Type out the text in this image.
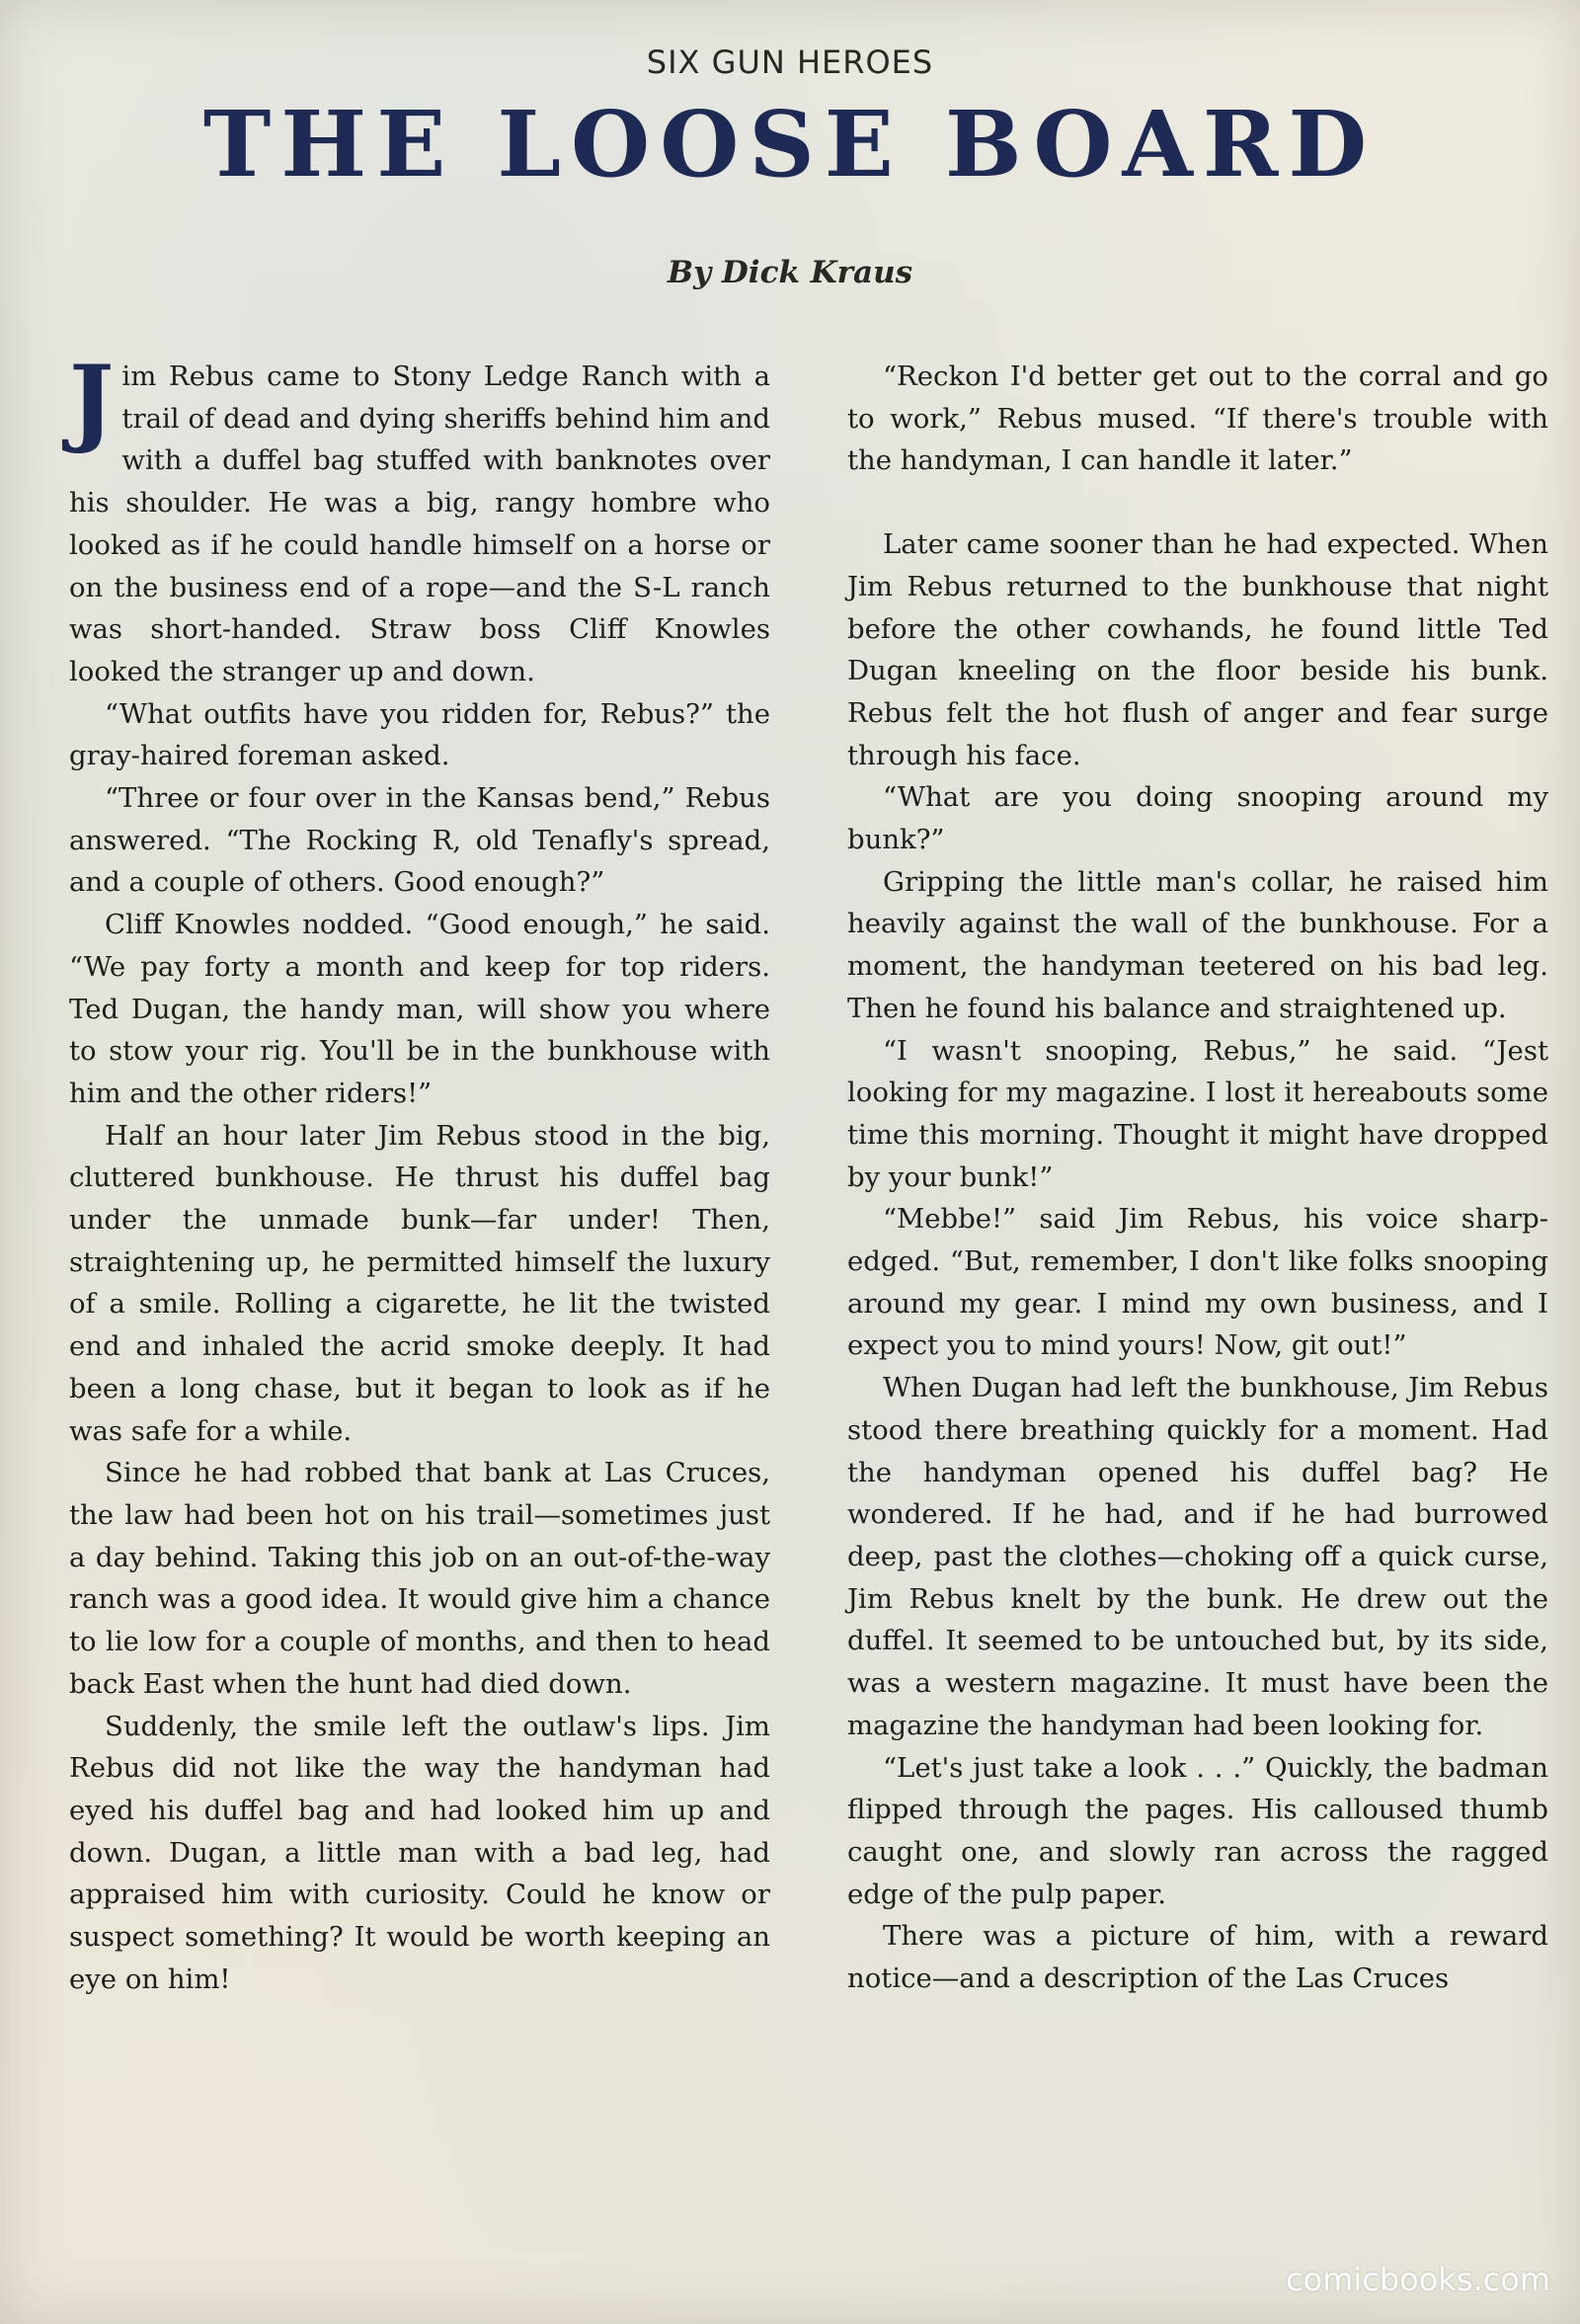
SIX GUN HEROES
THE LOOSE BOARD
By Dick Kraus

Jim Rebus came to Stony Ledge Ranch with a trail of dead and dying sheriffs behind him and with a duffel bag stuffed with banknotes over his shoulder. He was a big, rangy hombre who looked as if he could handle himself on a horse or on the business end of a rope—and the S-L ranch was short-handed. Straw boss Cliff Knowles looked the stranger up and down.

“What outfits have you ridden for, Rebus?” the gray-haired foreman asked.

“Three or four over in the Kansas bend,” Rebus answered. “The Rocking R, old Tenafly's spread, and a couple of others. Good enough?”

Cliff Knowles nodded. “Good enough,” he said. “We pay forty a month and keep for top riders. Ted Dugan, the handy man, will show you where to stow your rig. You'll be in the bunkhouse with him and the other riders!”

Half an hour later Jim Rebus stood in the big, cluttered bunkhouse. He thrust his duffel bag under the unmade bunk—far under! Then, straightening up, he permitted himself the luxury of a smile. Rolling a cigarette, he lit the twisted end and inhaled the acrid smoke deeply. It had been a long chase, but it began to look as if he was safe for a while.

Since he had robbed that bank at Las Cruces, the law had been hot on his trail—sometimes just a day behind. Taking this job on an out-of-the-way ranch was a good idea. It would give him a chance to lie low for a couple of months, and then to head back East when the hunt had died down.

Suddenly, the smile left the outlaw's lips. Jim Rebus did not like the way the handyman had eyed his duffel bag and had looked him up and down. Dugan, a little man with a bad leg, had appraised him with curiosity. Could he know or suspect something? It would be worth keeping an eye on him!

“Reckon I'd better get out to the corral and go to work,” Rebus mused. “If there's trouble with the handyman, I can handle it later.”

Later came sooner than he had expected. When Jim Rebus returned to the bunkhouse that night before the other cowhands, he found little Ted Dugan kneeling on the floor beside his bunk. Rebus felt the hot flush of anger and fear surge through his face.

“What are you doing snooping around my bunk?”

Gripping the little man's collar, he raised him heavily against the wall of the bunkhouse. For a moment, the handyman teetered on his bad leg. Then he found his balance and straightened up.

“I wasn't snooping, Rebus,” he said. “Jest looking for my magazine. I lost it hereabouts some time this morning. Thought it might have dropped by your bunk!”

“Mebbe!” said Jim Rebus, his voice sharp-edged. “But, remember, I don't like folks snooping around my gear. I mind my own business, and I expect you to mind yours! Now, git out!”

When Dugan had left the bunkhouse, Jim Rebus stood there breathing quickly for a moment. Had the handyman opened his duffel bag? He wondered. If he had, and if he had burrowed deep, past the clothes—choking off a quick curse, Jim Rebus knelt by the bunk. He drew out the duffel. It seemed to be untouched but, by its side, was a western magazine. It must have been the magazine the handyman had been looking for.

“Let's just take a look . . .” Quickly, the badman flipped through the pages. His calloused thumb caught one, and slowly ran across the ragged edge of the pulp paper.

There was a picture of him, with a reward notice—and a description of the Las Cruces

comicbooks.com
